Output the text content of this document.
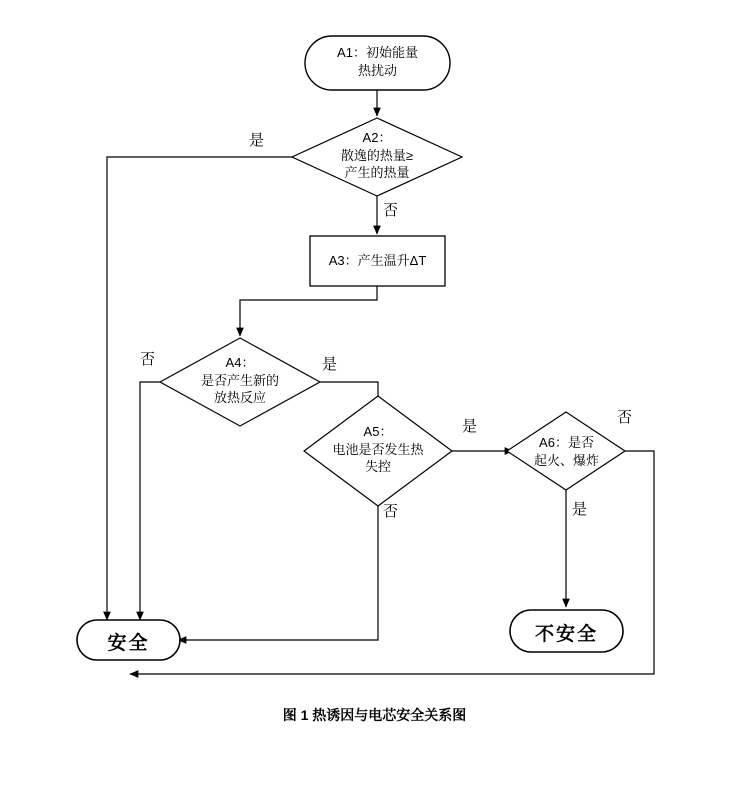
A1：初始能量
热扰动
A2：
散逸的热量≥
产生的热量
A3：产生温升ΔT
A4：
是否产生新的
放热反应
A5：
电池是否发生热
失控
A6：是否
起火、爆炸
安全	不安全
是
否
否	是
是
否
否
是
图 1 热诱因与电芯安全关系图
